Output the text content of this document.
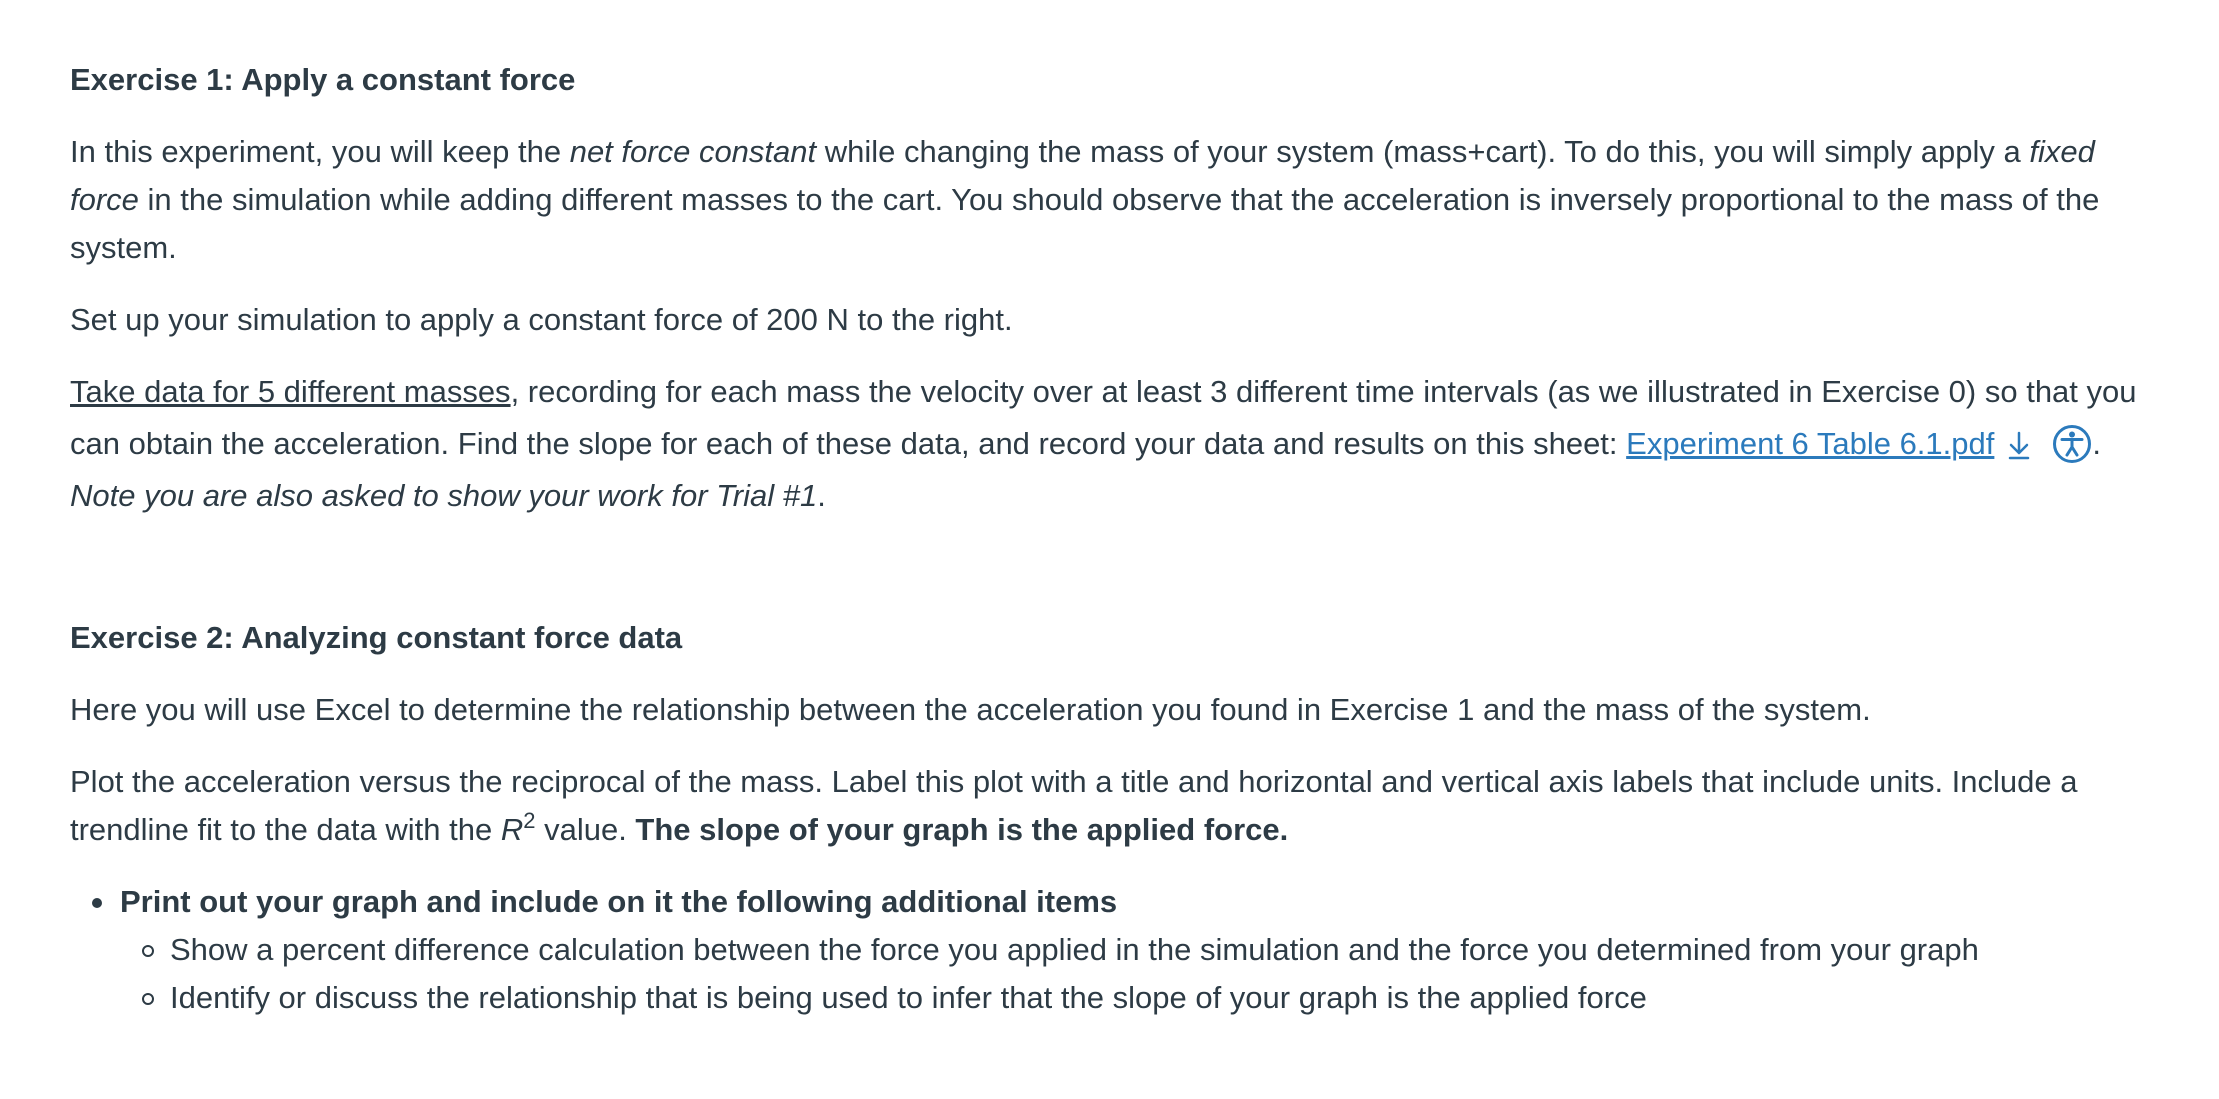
Exercise 1: Apply a constant force
In this experiment, you will keep the net force constant while changing the mass of your system (mass+cart). To do this, you will simply apply a fixed
force in the simulation while adding different masses to the cart. You should observe that the acceleration is inversely proportional to the mass of the
system.
Set up your simulation to apply a constant force of 200 N to the right.
Take data for 5 different masses, recording for each mass the velocity over at least 3 different time intervals (as we illustrated in Exercise 0) so that you
can obtain the acceleration. Find the slope for each of these data, and record your data and results on this sheet: Experiment 6 Table 6.1.pdf	.
Note you are also asked to show your work for Trial #1.
Exercise 2: Analyzing constant force data
Here you will use Excel to determine the relationship between the acceleration you found in Exercise 1 and the mass of the system.
Plot the acceleration versus the reciprocal of the mass. Label this plot with a title and horizontal and vertical axis labels that include units. Include a
trendline fit to the data with the $R^2$ value. The slope of your graph is the applied force.
Print out your graph and include on it the following additional items
Show a percent difference calculation between the force you applied in the simulation and the force you determined from your graph
Identify or discuss the relationship that is being used to infer that the slope of your graph is the applied force
